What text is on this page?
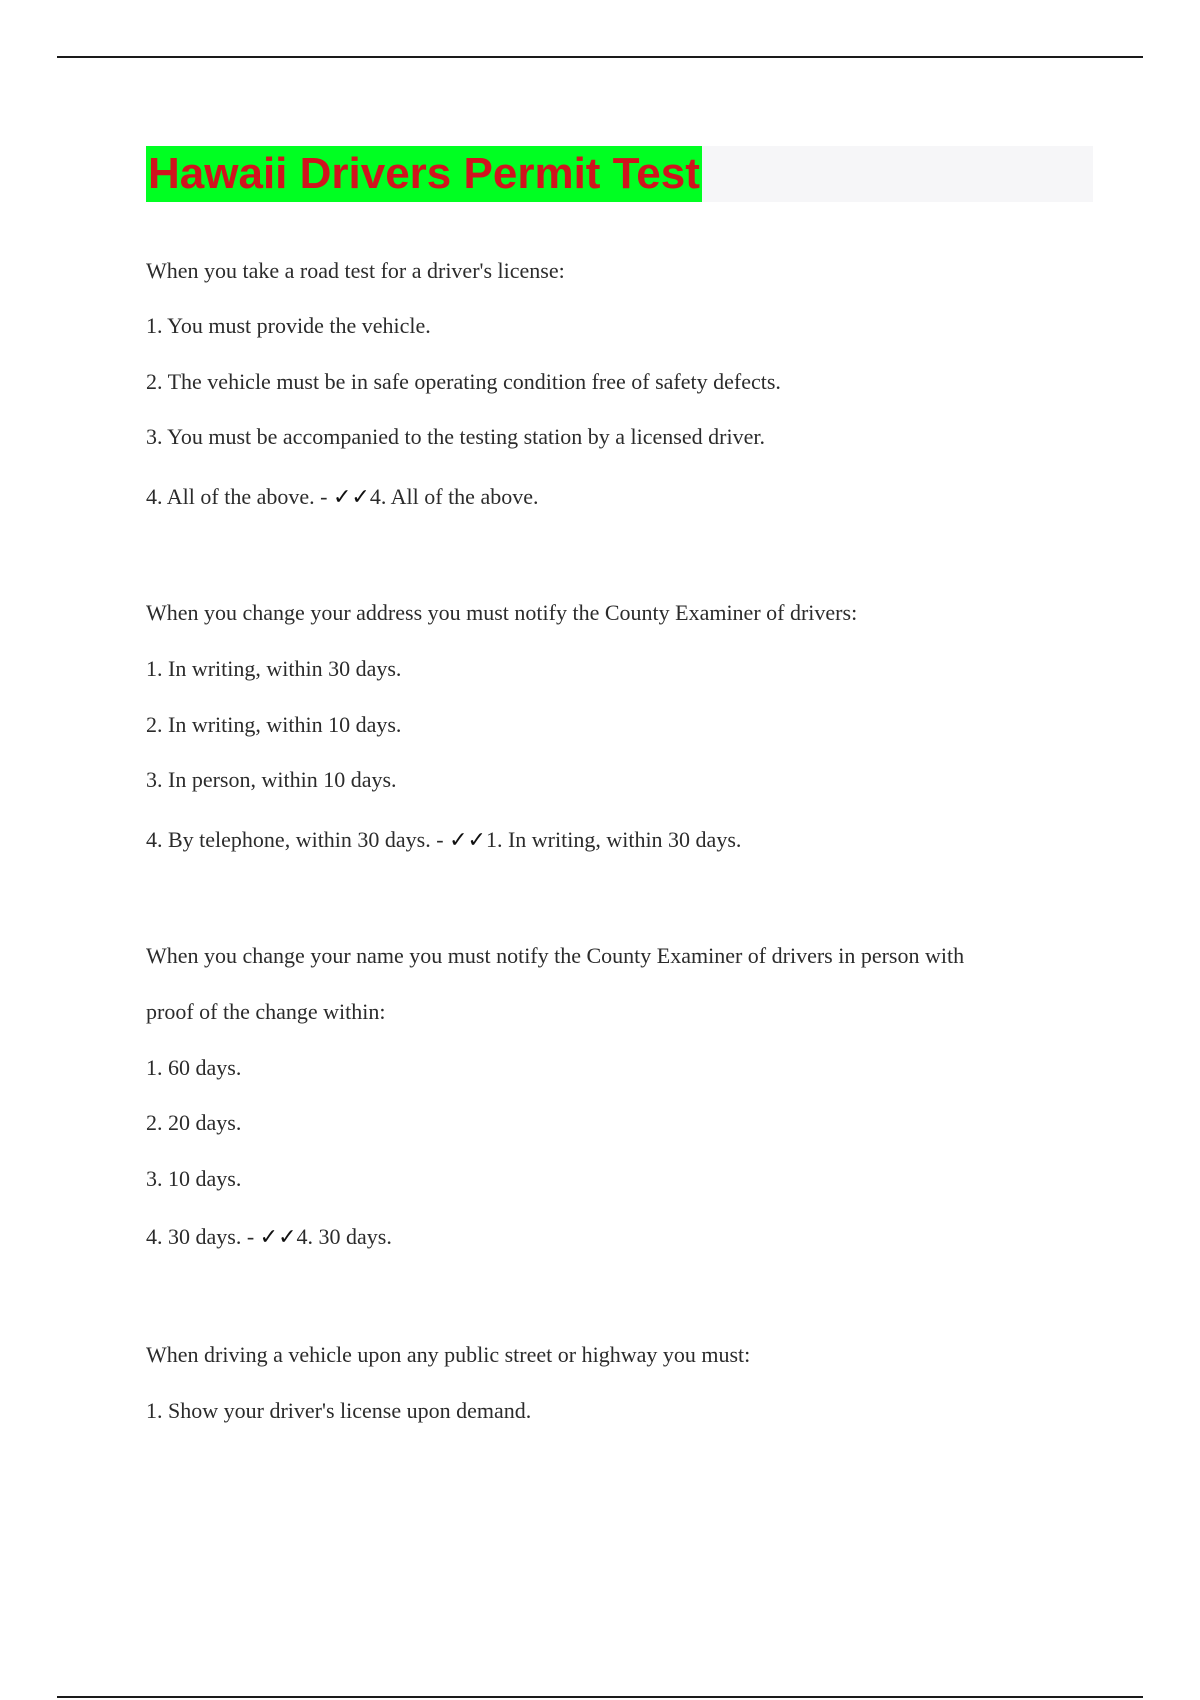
Hawaii Drivers Permit Test
When you take a road test for a driver's license:
1. You must provide the vehicle.
2. The vehicle must be in safe operating condition free of safety defects.
3. You must be accompanied to the testing station by a licensed driver.
4. All of the above. - ✓✓4. All of the above.
When you change your address you must notify the County Examiner of drivers:
1. In writing, within 30 days.
2. In writing, within 10 days.
3. In person, within 10 days.
4. By telephone, within 30 days. - ✓✓1. In writing, within 30 days.
When you change your name you must notify the County Examiner of drivers in person with
proof of the change within:
1. 60 days.
2. 20 days.
3. 10 days.
4. 30 days. - ✓✓4. 30 days.
When driving a vehicle upon any public street or highway you must:
1. Show your driver's license upon demand.
